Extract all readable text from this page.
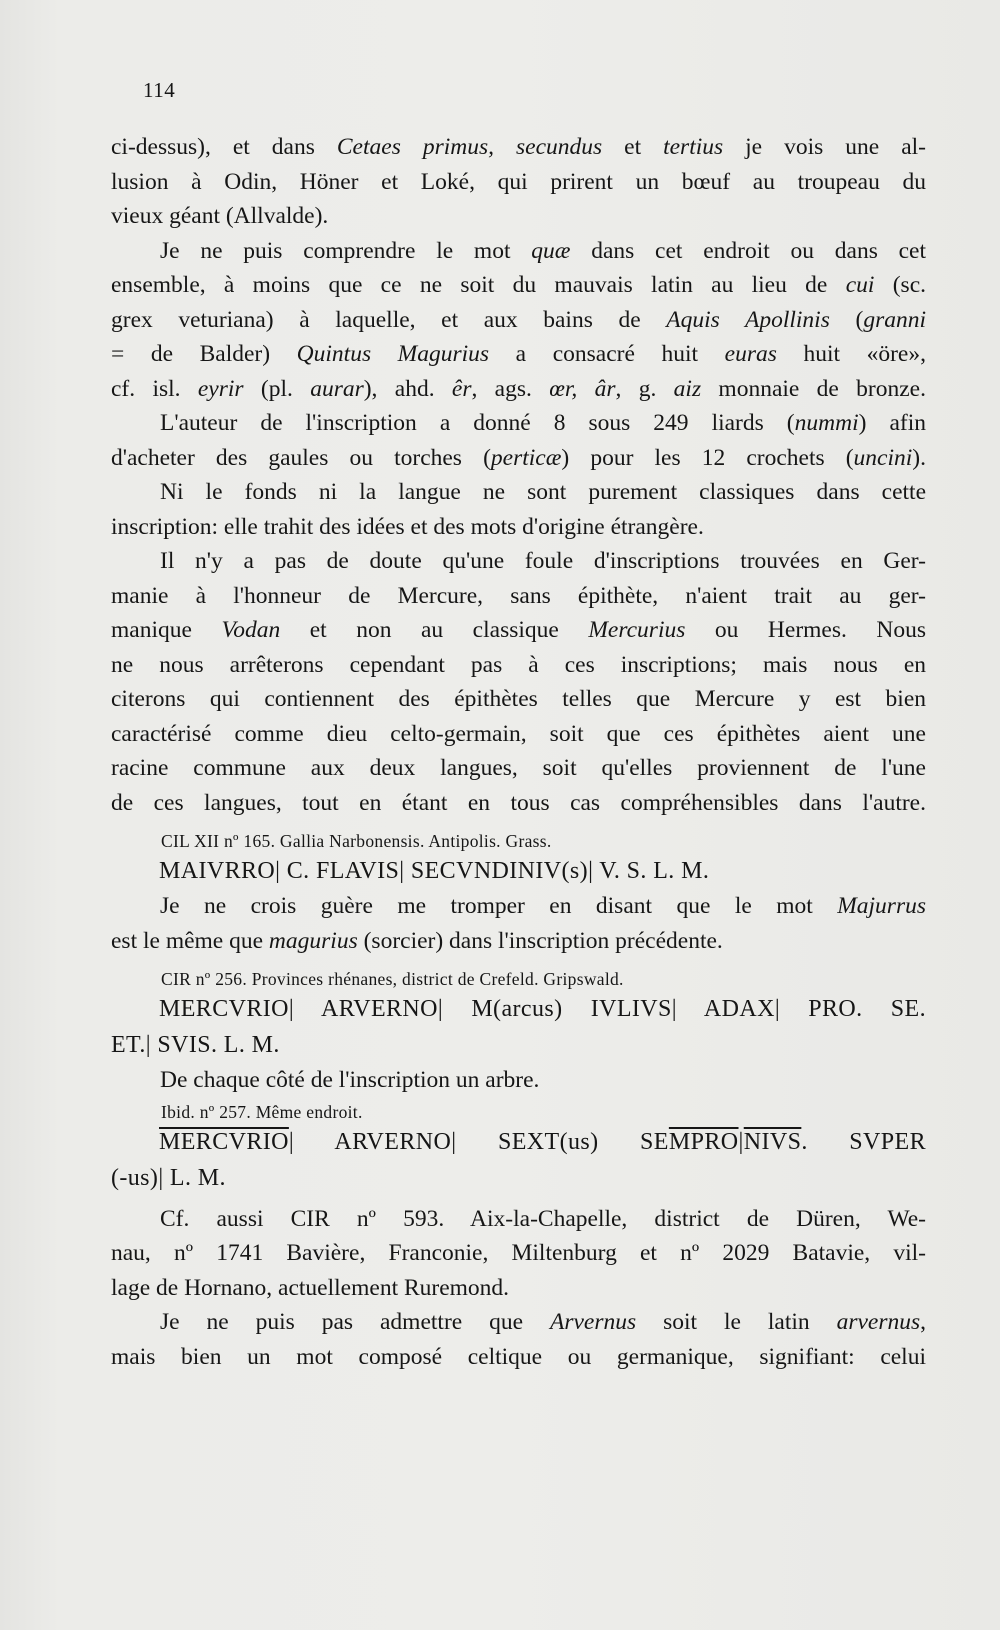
114
ci-dessus), et dans Cetaes primus, secundus et tertius je vois une al-
lusion à Odin, Höner et Loké, qui prirent un bœuf au troupeau du
vieux géant (Allvalde).
Je ne puis comprendre le mot quæ dans cet endroit ou dans cet
ensemble, à moins que ce ne soit du mauvais latin au lieu de cui (sc.
grex veturiana) à laquelle, et aux bains de Aquis Apollinis (granni
= de Balder) Quintus Magurius a consacré huit euras huit «öre»,
cf. isl. eyrir (pl. aurar), ahd. êr, ags. œr, âr, g. aiz monnaie de bronze.
L'auteur de l'inscription a donné 8 sous 249 liards (nummi) afin
d'acheter des gaules ou torches (perticæ) pour les 12 crochets (uncini).
Ni le fonds ni la langue ne sont purement classiques dans cette
inscription: elle trahit des idées et des mots d'origine étrangère.
Il n'y a pas de doute qu'une foule d'inscriptions trouvées en Ger-
manie à l'honneur de Mercure, sans épithète, n'aient trait au ger-
manique Vodan et non au classique Mercurius ou Hermes. Nous
ne nous arrêterons cependant pas à ces inscriptions; mais nous en
citerons qui contiennent des épithètes telles que Mercure y est bien
caractérisé comme dieu celto-germain, soit que ces épithètes aient une
racine commune aux deux langues, soit qu'elles proviennent de l'une
de ces langues, tout en étant en tous cas compréhensibles dans l'autre.
CIL XII nº 165. Gallia Narbonensis. Antipolis. Grass.
MAIVRRO| C. FLAVIS| SECVNDINIV(s)| V. S. L. M.
Je ne crois guère me tromper en disant que le mot Majurrus
est le même que magurius (sorcier) dans l'inscription précédente.
CIR nº 256. Provinces rhénanes, district de Crefeld. Gripswald.
MERCVRIO| ARVERNO| M(arcus) IVLIVS| ADAX| PRO. SE.
ET.| SVIS. L. M.
De chaque côté de l'inscription un arbre.
Ibid. nº 257. Même endroit.
MERCVRIO| ARVERNO| SEXT(us) SEMPRO|NIVS. SVPER
(-us)| L. M.
Cf. aussi CIR nº 593. Aix-la-Chapelle, district de Düren, We-
nau, nº 1741 Bavière, Franconie, Miltenburg et nº 2029 Batavie, vil-
lage de Hornano, actuellement Ruremond.
Je ne puis pas admettre que Arvernus soit le latin arvernus,
mais bien un mot composé celtique ou germanique, signifiant: celui
